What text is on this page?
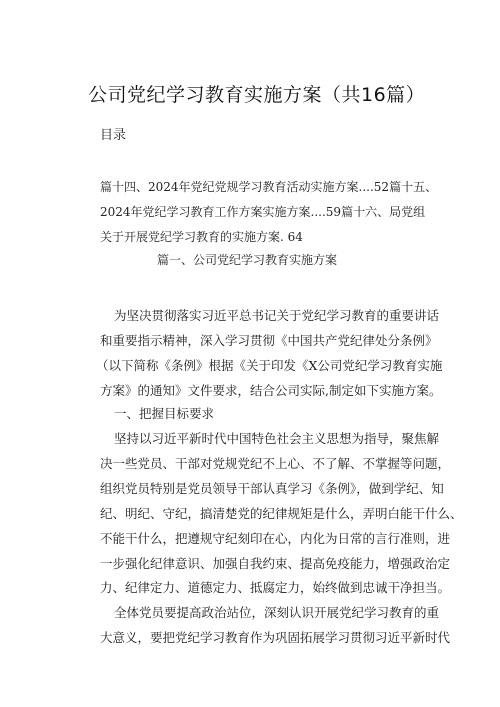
公司党纪学习教育实施方案（共16篇）
目录
篇十四、2024年党纪党规学习教育活动实施方案....52篇十五、
2024年党纪学习教育工作方案实施方案....59篇十六、局党组
关于开展党纪学习教育的实施方案. 64
篇一、公司党纪学习教育实施方案
为坚决贯彻落实习近平总书记关于党纪学习教育的重要讲话
和重要指示精神，深入学习贯彻《中国共产党纪律处分条例》
（以下简称《条例》根据《关于印发《X公司党纪学习教育实施
方案》的通知》文件要求，结合公司实际,制定如下实施方案。
一、把握目标要求
坚持以习近平新时代中国特色社会主义思想为指导，聚焦解
决一些党员、干部对党规党纪不上心、不了解、不掌握等问题，
组织党员特别是党员领导干部认真学习《条例》，做到学纪、知
纪、明纪、守纪，搞清楚党的纪律规矩是什么，弄明白能干什么、
不能干什么，把遵规守纪刻印在心，内化为日常的言行准则，进
一步强化纪律意识、加强自我约束、提高免疫能力，增强政治定
力、纪律定力、道德定力、抵腐定力，始终做到忠诚干净担当。
全体党员要提高政治站位，深刻认识开展党纪学习教育的重
大意义，要把党纪学习教育作为巩固拓展学习贯彻习近平新时代
